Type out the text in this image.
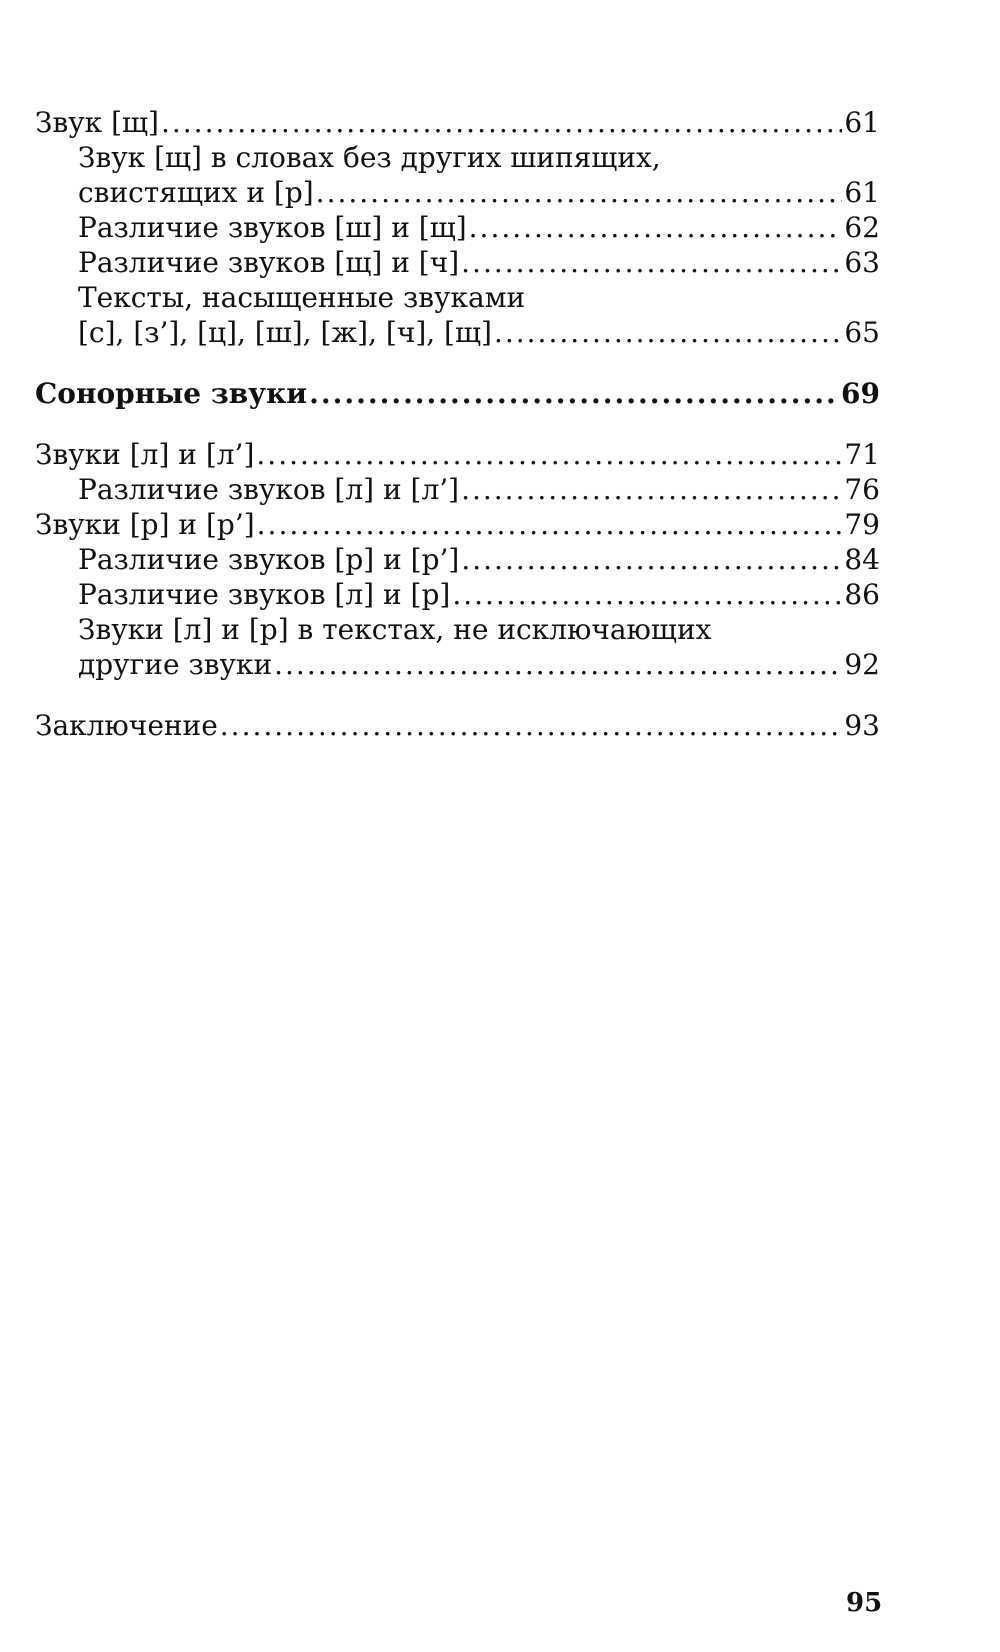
Звук [щ] .....	61
Звук [щ] в словах без других шипящих,
свистящих и [р] .....	61
Различие звуков [ш] и [щ] .....	62
Различие звуков [щ] и [ч] .....	63
Тексты, насыщенные звуками
[с], [з’], [ц], [ш], [ж], [ч], [щ] .....	65
Сонорные звуки .....	69
Звуки [л] и [л’] .....	71
Различие звуков [л] и [л’] .....	76
Звуки [р] и [р’] .....	79
Различие звуков [р] и [р’] .....	84
Различие звуков [л] и [р] .....	86
Звуки [л] и [р] в текстах, не исключающих
другие звуки .....	92
Заключение .....	93
95
